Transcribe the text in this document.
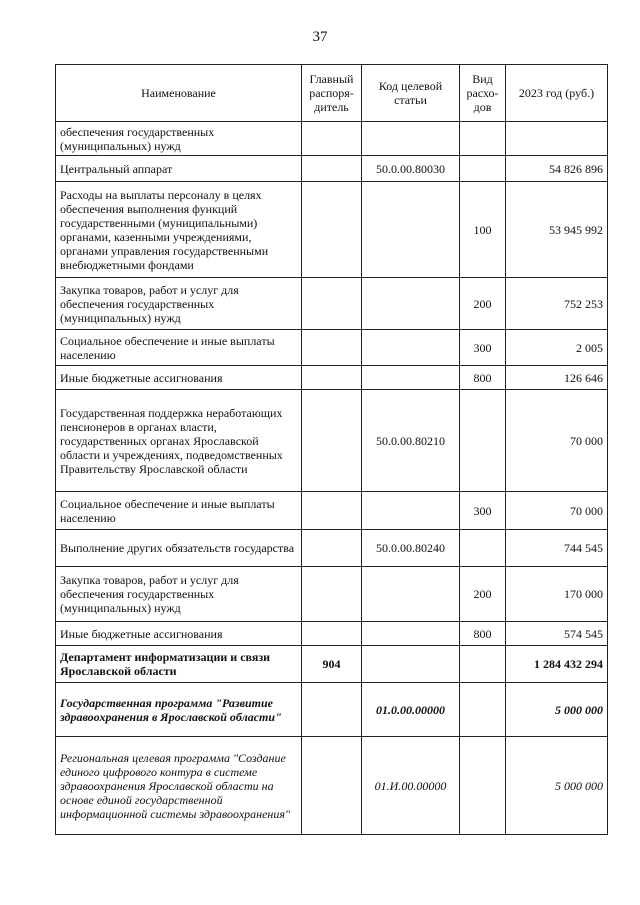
37
Наименование	Главный распоря-дитель	Код целевой статьи	Вид расхо-дов	2023 год (руб.)
обеспечения государственных (муниципальных) нужд				
Центральный аппарат		50.0.00.80030		54 826 896
Расходы на выплаты персоналу в целях обеспечения выполнения функций государственными (муниципальными) органами, казенными учреждениями, органами управления государственными внебюджетными фондами			100	53 945 992
Закупка товаров, работ и услуг для обеспечения государственных (муниципальных) нужд			200	752 253
Социальное обеспечение и иные выплаты населению			300	2 005
Иные бюджетные ассигнования			800	126 646
Государственная поддержка неработающих пенсионеров в органах власти, государственных органах Ярославской области и учреждениях, подведомственных Правительству Ярославской области		50.0.00.80210		70 000
Социальное обеспечение и иные выплаты населению			300	70 000
Выполнение других обязательств государства		50.0.00.80240		744 545
Закупка товаров, работ и услуг для обеспечения государственных (муниципальных) нужд			200	170 000
Иные бюджетные ассигнования			800	574 545
Департамент информатизации и связи Ярославской области	904			1 284 432 294
Государственная программа "Развитие здравоохранения в Ярославской области"		01.0.00.00000		5 000 000
Региональная целевая программа "Создание единого цифрового контура в системе здравоохранения Ярославской области на основе единой государственной информационной системы здравоохранения"		01.И.00.00000		5 000 000
